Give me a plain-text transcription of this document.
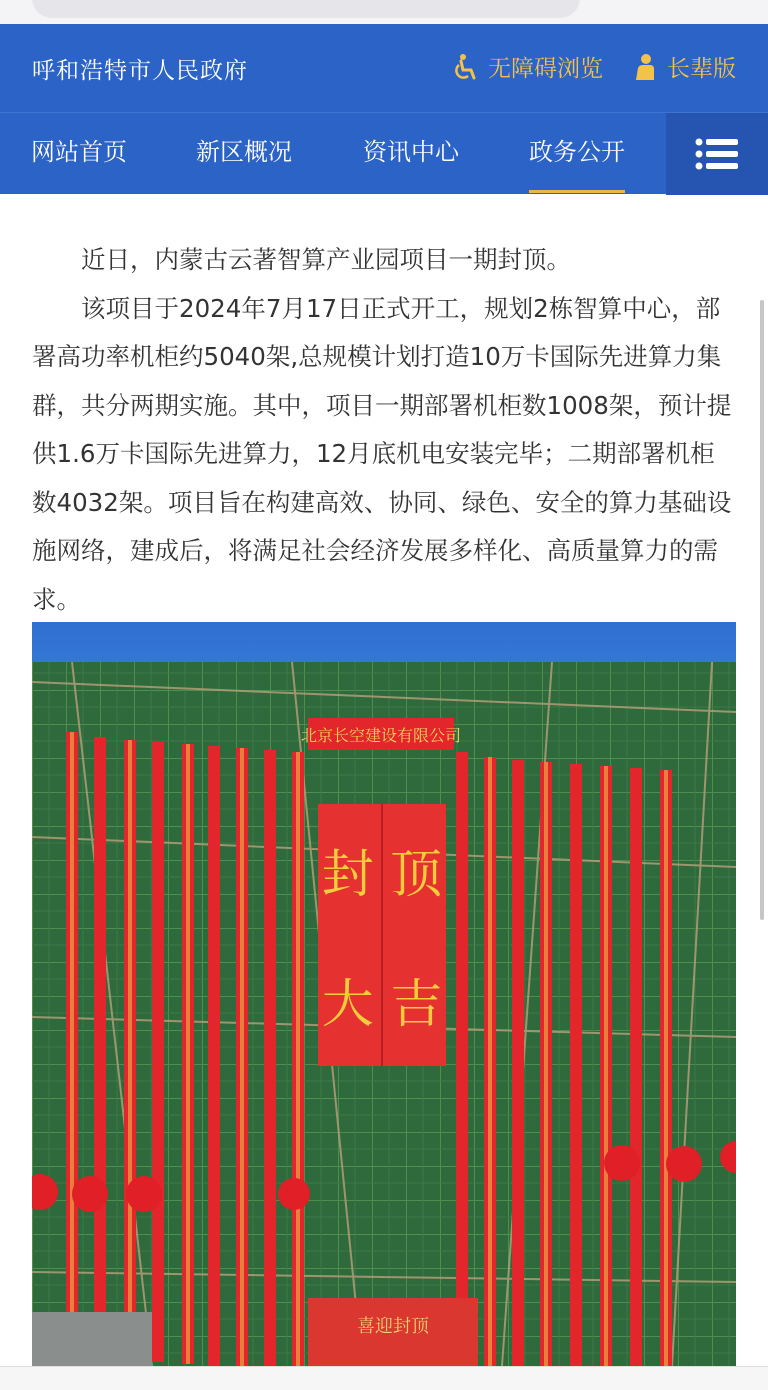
呼和浩特市人民政府	无障碍浏览	长辈版
网站首页	新区概况	资讯中心	政务公开

近日，内蒙古云著智算产业园项目一期封顶。

该项目于2024年7月17日正式开工，规划2栋智算中心，部署高功率机柜约5040架,总规模计划打造10万卡国际先进算力集群，共分两期实施。其中，项目一期部署机柜数1008架，预计提供1.6万卡国际先进算力，12月底机电安装完毕；二期部署机柜数4032架。项目旨在构建高效、协同、绿色、安全的算力基础设施网络，建成后，将满足社会经济发展多样化、高质量算力的需求。

北京长空建设有限公司
封 顶
大 吉
喜迎封顶
